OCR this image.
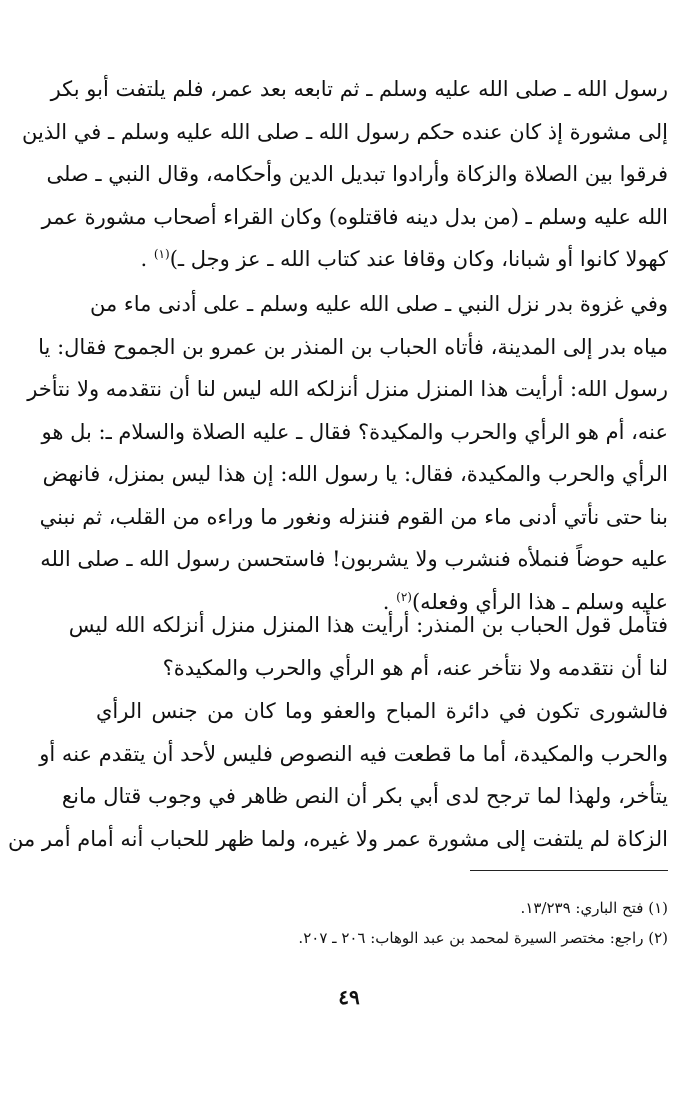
رسول الله ـ صلى الله عليه وسلم ـ ثم تابعه بعد عمر، فلم يلتفت أبو بكر
إلى مشورة إذ كان عنده حكم رسول الله ـ صلى الله عليه وسلم ـ في الذين
فرقوا بين الصلاة والزكاة وأرادوا تبديل الدين وأحكامه، وقال النبي ـ صلى
الله عليه وسلم ـ (من بدل دينه فاقتلوه) وكان القراء أصحاب مشورة عمر
كهولا كانوا أو شبانا، وكان وقافا عند كتاب الله ـ عز وجل ـ)$^{(١)}$ .
وفي غزوة بدر نزل النبي ـ صلى الله عليه وسلم ـ على أدنى ماء من
مياه بدر إلى المدينة، فأتاه الحباب بن المنذر بن عمرو بن الجموح فقال: يا
رسول الله: أرأيت هذا المنزل منزل أنزلكه الله ليس لنا أن نتقدمه ولا نتأخر
عنه، أم هو الرأي والحرب والمكيدة؟ فقال ـ عليه الصلاة والسلام ـ: بل هو
الرأي والحرب والمكيدة، فقال: يا رسول الله: إن هذا ليس بمنزل، فانهض
بنا حتى نأتي أدنى ماء من القوم فننزله ونغور ما وراءه من القلب، ثم نبني
عليه حوضاً فنملأه فنشرب ولا يشربون! فاستحسن رسول الله ـ صلى الله
عليه وسلم ـ هذا الرأي وفعله)$^{(٢)}$ .
فتأمل قول الحباب بن المنذر: أرأيت هذا المنزل منزل أنزلكه الله ليس
لنا أن نتقدمه ولا نتأخر عنه، أم هو الرأي والحرب والمكيدة؟
فالشورى تكون في دائرة المباح والعفو وما كان من جنس الرأي
والحرب والمكيدة، أما ما قطعت فيه النصوص فليس لأحد أن يتقدم عنه أو
يتأخر، ولهذا لما ترجح لدى أبي بكر أن النص ظاهر في وجوب قتال مانع
الزكاة لم يلتفت إلى مشورة عمر ولا غيره، ولما ظهر للحباب أنه أمام أمر من
(١) فتح الباري: ١٣/٢٣٩.
(٢) راجع: مختصر السيرة لمحمد بن عبد الوهاب: ٢٠٦ ـ ٢٠٧.
٤٩
